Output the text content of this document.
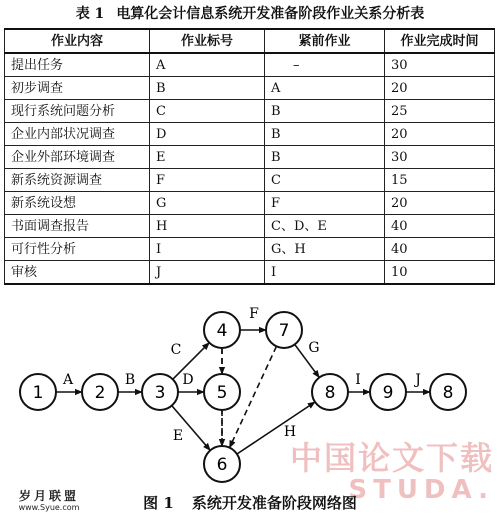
表 1 电算化会计信息系统开发准备阶段作业关系分析表
作业内容	作业标号	紧前作业	作业完成时间
提出任务	A	–	30
初步调查	B	A	20
现行系统问题分析	C	B	25
企业内部状况调查	D	B	20
企业外部环境调查	E	B	30
新系统资源调查	F	C	15
新系统设想	G	F	20
书面调查报告	H	C、D、E	40
可行性分析	I	G、H	40
审核	J	I	10
A	B
C
D
E
F
G
H
I	J
1	2	3
4
5
6
7
8	9	8
岁月联盟
www.Syue.com
中国论文下载
STUDA.
图 1 系统开发准备阶段网络图
